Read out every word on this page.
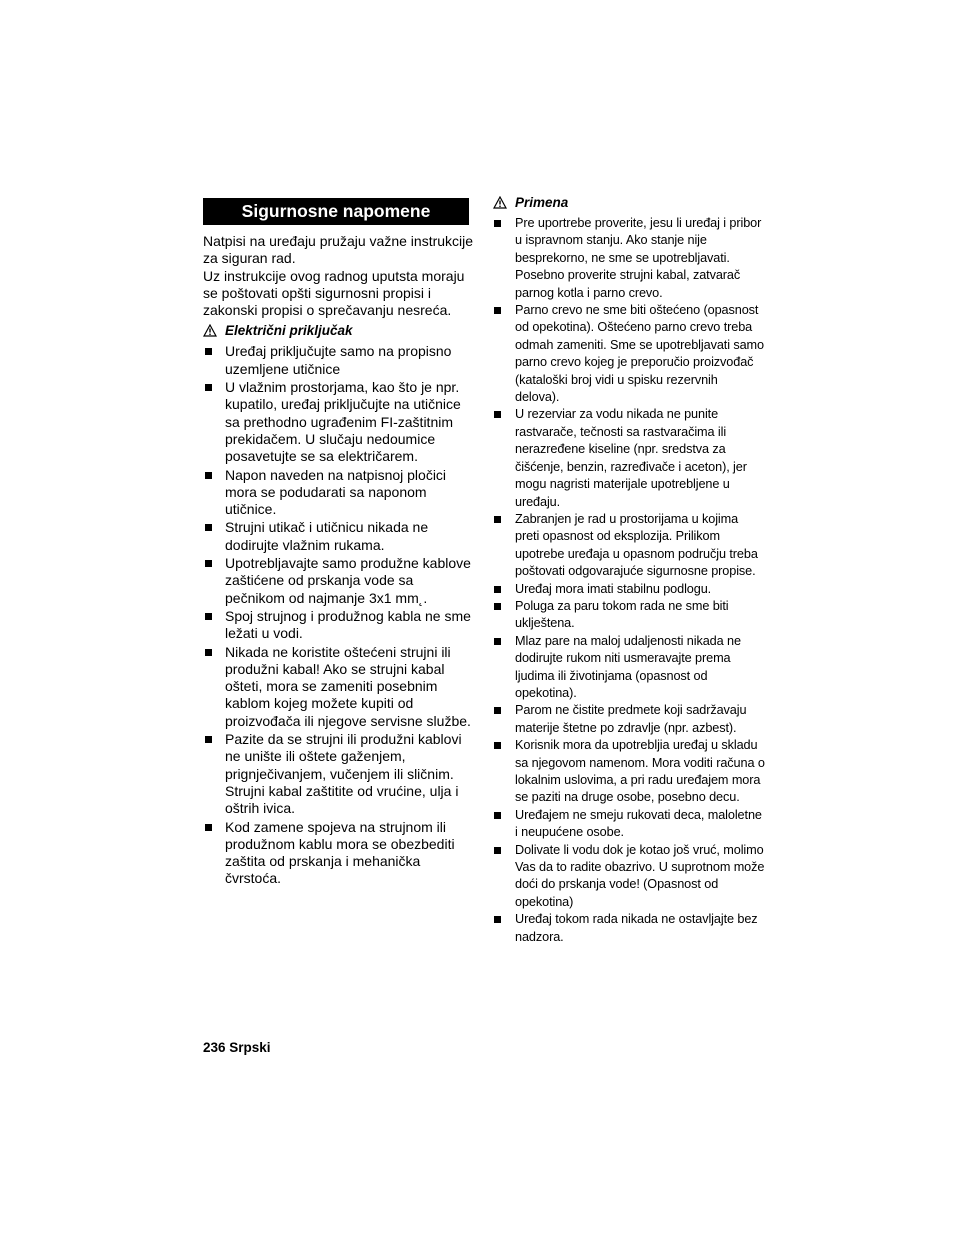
Sigurnosne napomene

Natpisi na uređaju pružaju važne instrukcije za siguran rad.

Uz instrukcije ovog radnog uputsta moraju se poštovati opšti sigurnosni propisi i zakonski propisi o sprečavanju nesreća.

Električni priključak
Uređaj priključujte samo na propisno uzemljene utičnice
U vlažnim prostorjama, kao što je npr. kupatilo, uređaj priključujte na utičnice sa prethodno ugrađenim FI-zaštitnim prekidačem. U slučaju nedoumice posavetujte se sa električarem.
Napon naveden na natpisnoj pločici mora se podudarati sa naponom utičnice.
Strujni utikač i utičnicu nikada ne dodirujte vlažnim rukama.
Upotrebljavajte samo produžne kablove zaštićene od prskanja vode sa pečnikom od najmanje 3x1 mm˛.
Spoj strujnog i produžnog kabla ne sme ležati u vodi.
Nikada ne koristite oštećeni strujni ili produžni kabal! Ako se strujni kabal ošteti, mora se zameniti posebnim kablom kojeg možete kupiti od proizvođača ili njegove servisne službe.
Pazite da se strujni ili produžni kablovi ne unište ili oštete gaženjem, prignječivanjem, vučenjem ili sličnim. Strujni kabal zaštitite od vrućine, ulja i oštrih ivica.
Kod zamene spojeva na strujnom ili produžnom kablu mora se obezbediti zaštita od prskanja i mehanička čvrstoća.
Primena
Pre uportrebe proverite, jesu li uređaj i pribor u ispravnom stanju. Ako stanje nije besprekorno, ne sme se upotrebljavati. Posebno proverite strujni kabal, zatvarač parnog kotla i parno crevo.
Parno crevo ne sme biti oštećeno (opasnost od opekotina). Oštećeno parno crevo treba odmah zameniti. Sme se upotrebljavati samo parno crevo kojeg je preporučio proizvođač (kataloški broj vidi u spisku rezervnih delova).
U rezerviar za vodu nikada ne punite rastvarače, tečnosti sa rastvaračima ili nerazređene kiseline (npr. sredstva za čišćenje, benzin, razređivače i aceton), jer mogu nagristi materijale upotrebljene u uređaju.
Zabranjen je rad u prostorijama u kojima preti opasnost od eksplozija. Prilikom upotrebe uređaja u opasnom području treba poštovati odgovarajuće sigurnosne propise.
Uređaj mora imati stabilnu podlogu.
Poluga za paru tokom rada ne sme biti uklještena.
Mlaz pare na maloj udaljenosti nikada ne dodirujte rukom niti usmeravajte prema ljudima ili životinjama (opasnost od opekotina).
Parom ne čistite predmete koji sadržavaju materije štetne po zdravlje (npr. azbest).
Korisnik mora da upotrebljia uređaj u skladu sa njegovom namenom. Mora voditi računa o lokalnim uslovima, a pri radu uređajem mora se paziti na druge osobe, posebno decu.
Uređajem ne smeju rukovati deca, maloletne i neupućene osobe.
Dolivate li vodu dok je kotao još vruć, molimo Vas da to radite obazrivo. U suprotnom može doći do prskanja vode! (Opasnost od opekotina)
Uređaj tokom rada nikada ne ostavljajte bez nadzora.
236 Srpski
